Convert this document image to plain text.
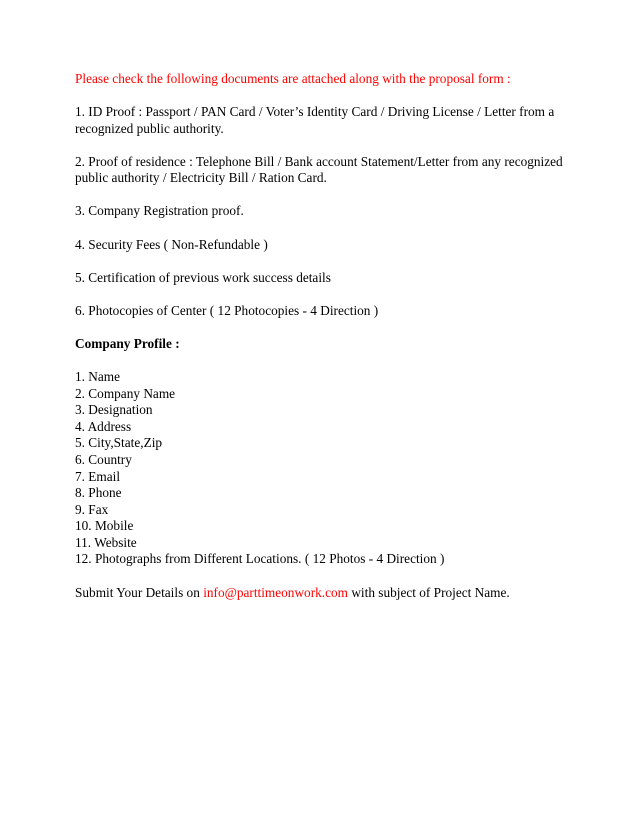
Please check the following documents are attached along with the proposal form :

1. ID Proof : Passport / PAN Card / Voter’s Identity Card / Driving License / Letter from a recognized public authority.

2. Proof of residence : Telephone Bill / Bank account Statement/Letter from any recognized public authority / Electricity Bill / Ration Card.

3. Company Registration proof.

4. Security Fees ( Non-Refundable )

5. Certification of previous work success details

6. Photocopies of Center ( 12 Photocopies - 4 Direction )

Company Profile :

1. Name
2. Company Name
3. Designation
4. Address
5. City,State,Zip
6. Country
7. Email
8. Phone
9. Fax
10. Mobile
11. Website
12. Photographs from Different Locations. ( 12 Photos - 4 Direction )

Submit Your Details on info@parttimeonwork.com with subject of Project Name.
